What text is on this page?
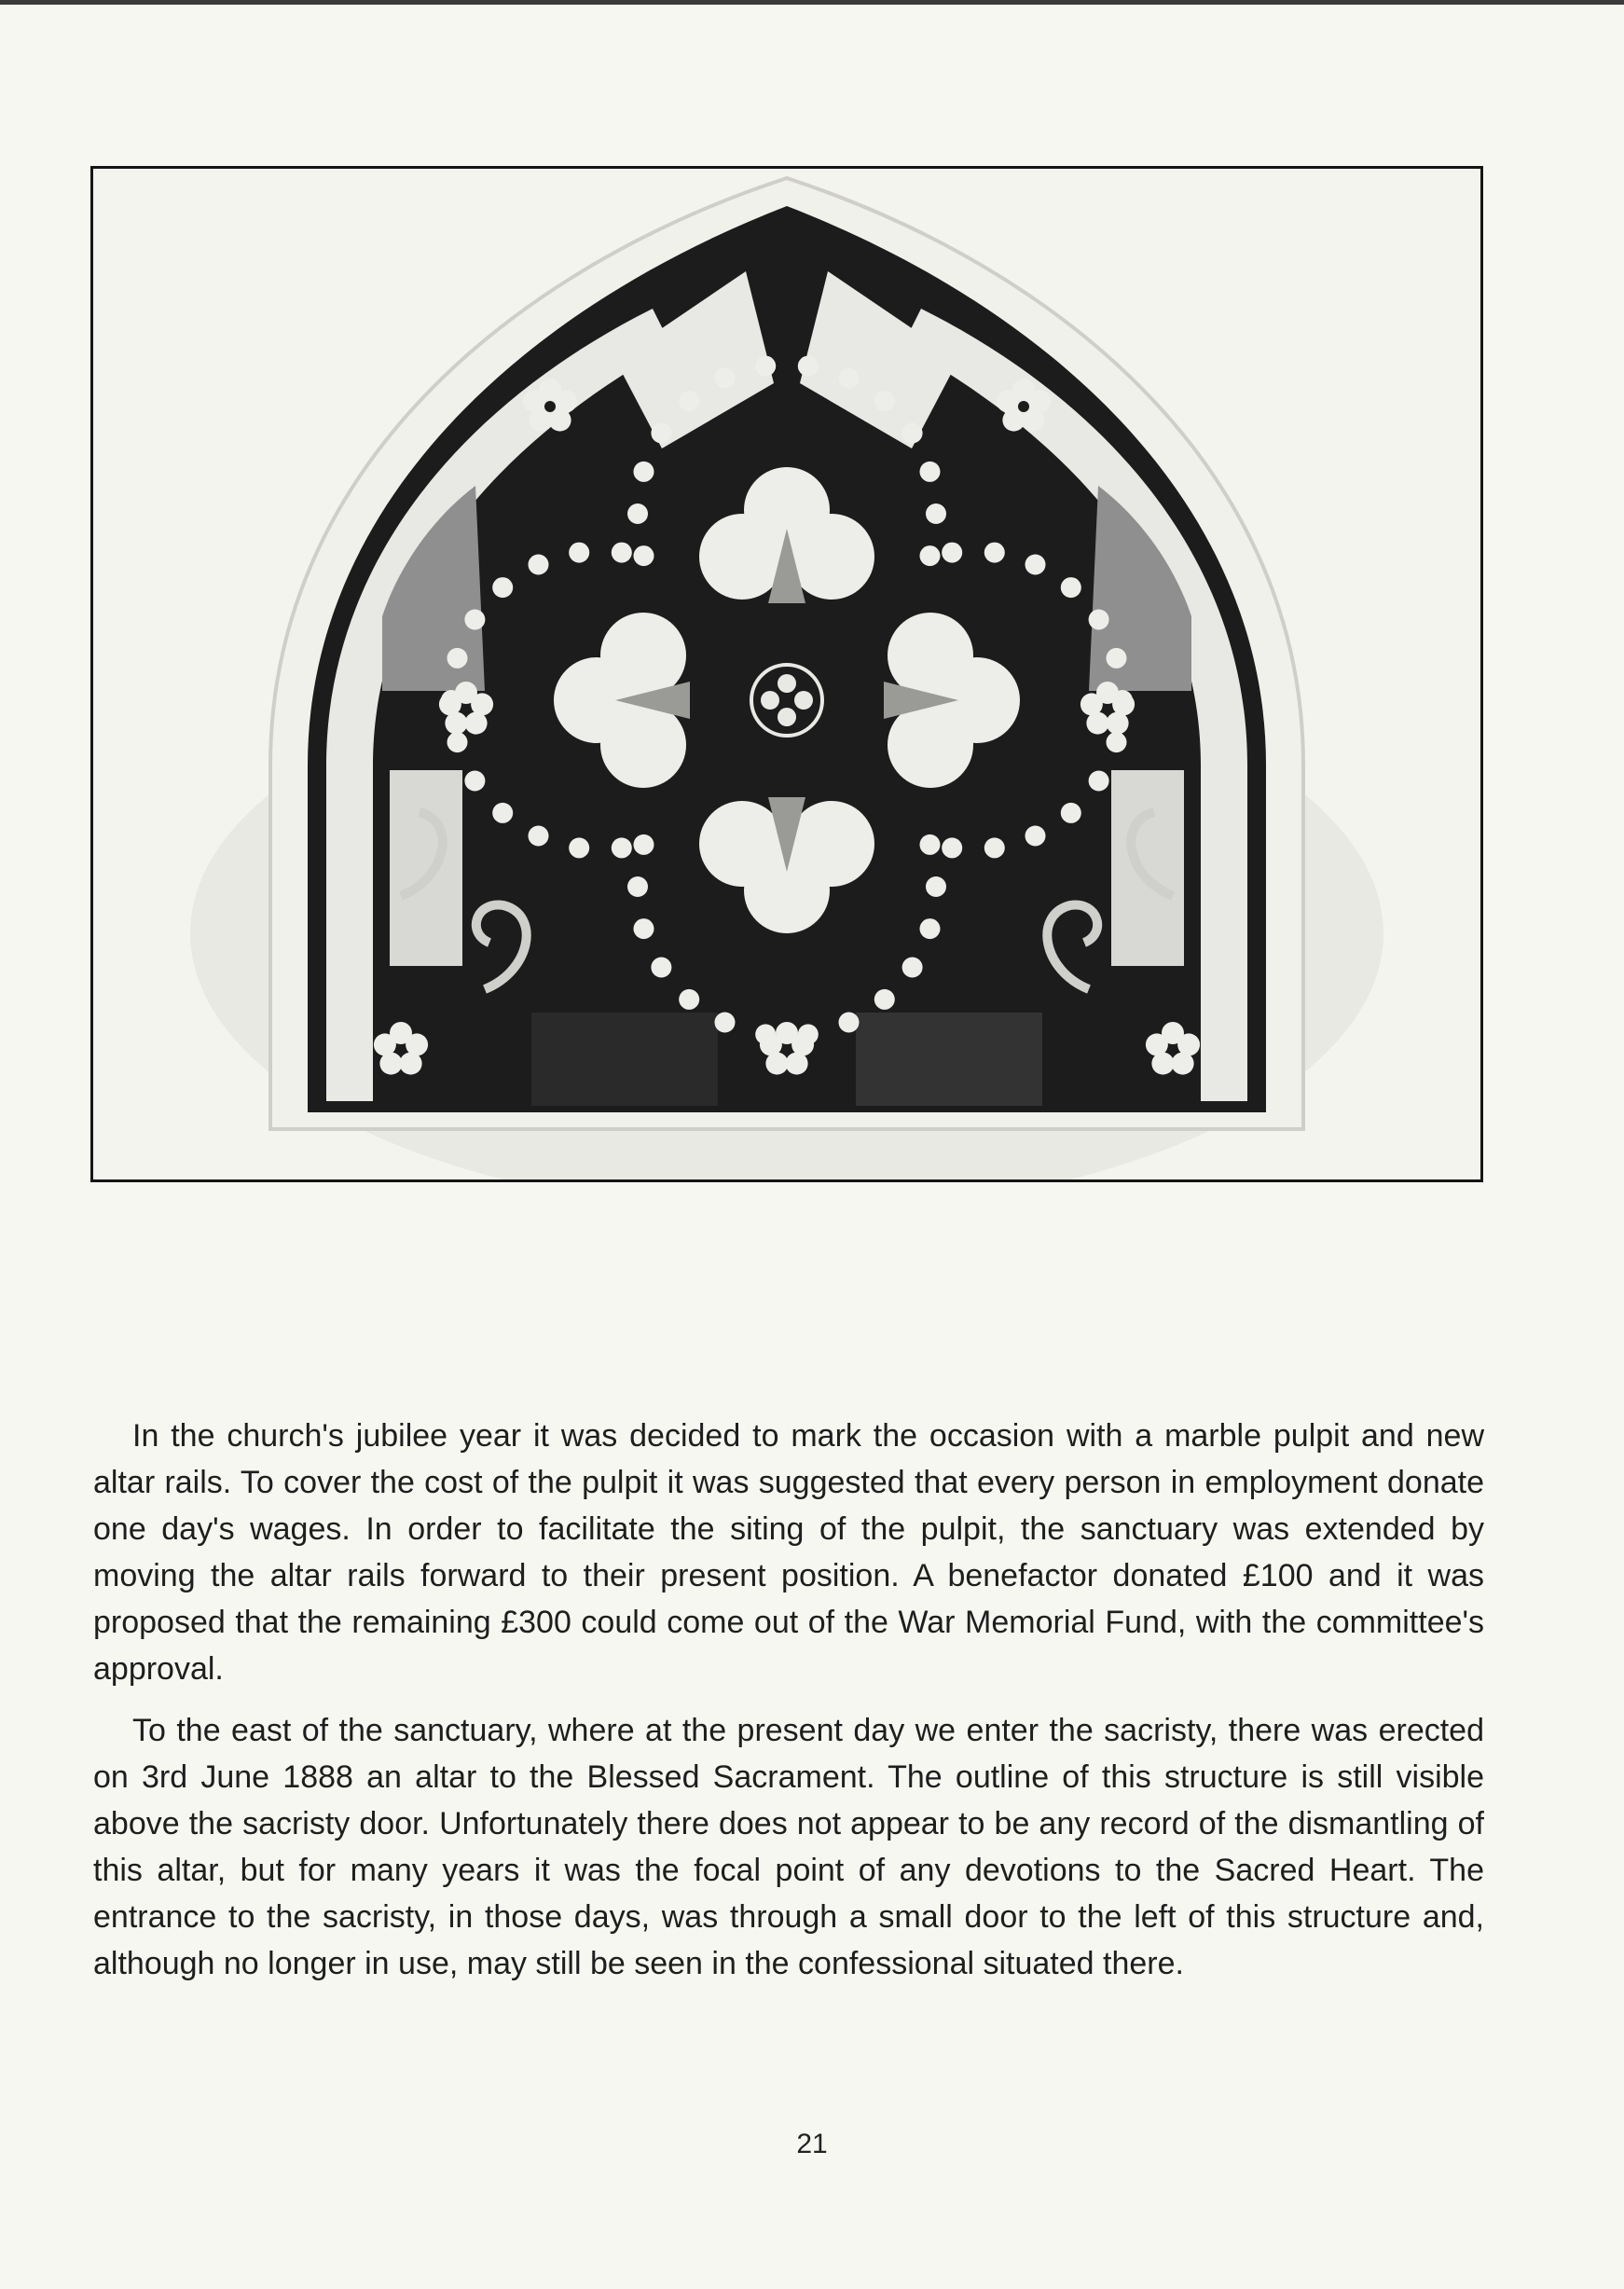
In the church's jubilee year it was decided to mark the occasion with a marble pulpit and new altar rails. To cover the cost of the pulpit it was suggested that every person in employment donate one day's wages. In order to facilitate the siting of the pulpit, the sanctuary was extended by moving the altar rails forward to their present position. A benefactor donated £100 and it was proposed that the remaining £300 could come out of the War Memorial Fund, with the committee's approval.

To the east of the sanctuary, where at the present day we enter the sacristy, there was erected on 3rd June 1888 an altar to the Blessed Sacrament. The outline of this structure is still visible above the sacristy door. Unfortunately there does not appear to be any record of the dismantling of this altar, but for many years it was the focal point of any devotions to the Sacred Heart. The entrance to the sacristy, in those days, was through a small door to the left of this structure and, although no longer in use, may still be seen in the confessional situated there.

21
